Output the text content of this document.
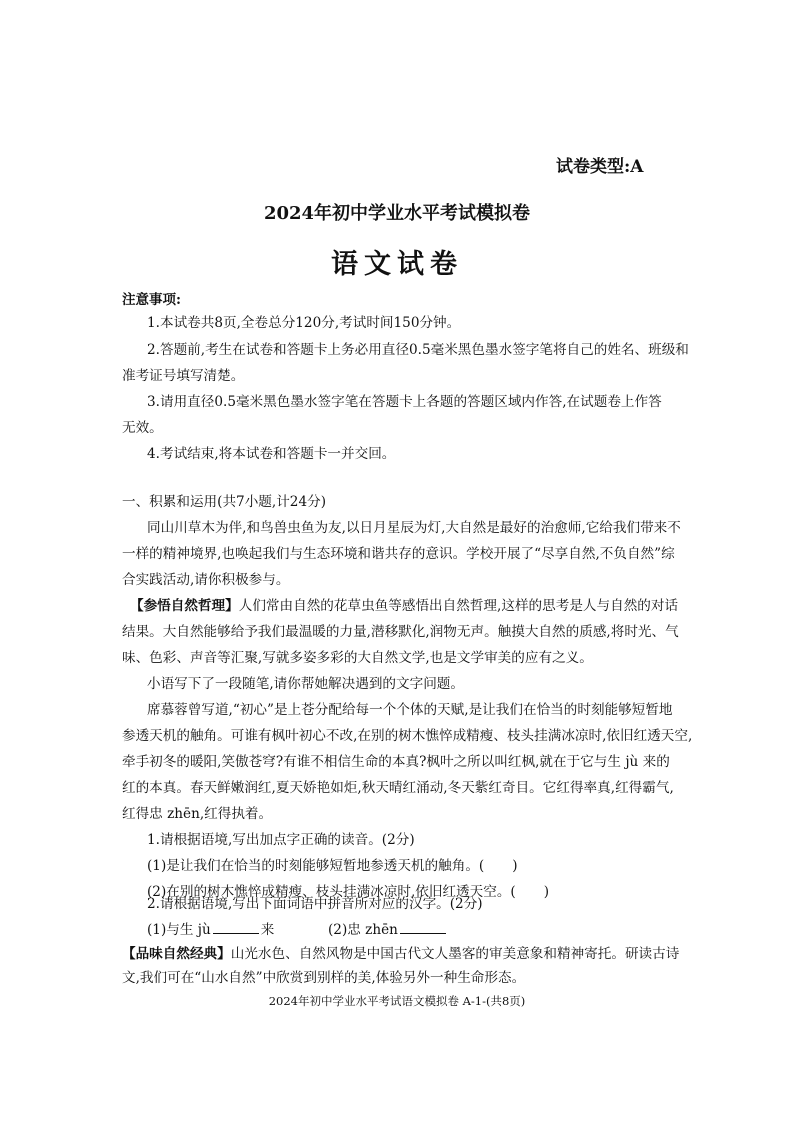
试卷类型:A
2024年初中学业水平考试模拟卷
语文试卷
注意事项:
1.本试卷共8页,全卷总分120分,考试时间150分钟。
2.答题前,考生在试卷和答题卡上务必用直径0.5毫米黑色墨水签字笔将自己的姓名、班级和
准考证号填写清楚。
3.请用直径0.5毫米黑色墨水签字笔在答题卡上各题的答题区域内作答,在试题卷上作答
无效。
4.考试结束,将本试卷和答题卡一并交回。
一、积累和运用(共7小题,计24分)
同山川草木为伴,和鸟兽虫鱼为友,以日月星辰为灯,大自然是最好的治愈师,它给我们带来不
一样的精神境界,也唤起我们与生态环境和谐共存的意识。学校开展了“尽享自然,不负自然”综
合实践活动,请你积极参与。
【参悟自然哲理】人们常由自然的花草虫鱼等感悟出自然哲理,这样的思考是人与自然的对话
结果。大自然能够给予我们最温暖的力量,潜移默化,润物无声。触摸大自然的质感,将时光、气
味、色彩、声音等汇聚,写就多姿多彩的大自然文学,也是文学审美的应有之义。
小语写下了一段随笔,请你帮她解决遇到的文字问题。
席慕蓉曾写道,“初心”是上苍分配给每一个个体的天赋,是让我们在恰当的时刻能够短暂地
参透天机的触角。可谁有枫叶初心不改,在别的树木憔悴成精瘦、枝头挂满冰凉时,依旧红透天空,
牵手初冬的暖阳,笑傲苍穹?有谁不相信生命的本真?枫叶之所以叫红枫,就在于它与生 jù 来的
红的本真。春天鲜嫩润红,夏天娇艳如炬,秋天晴红涌动,冬天紫红奇目。它红得率真,红得霸气,
红得忠 zhēn,红得执着。
1.请根据语境,写出加点字正确的读音。(2分)
(1)是让我们在恰当的时刻能够短暂地参透天机的触角。( )
(2)在别的树木憔悴成精瘦、枝头挂满冰凉时,依旧红透天空。( )
2.请根据语境,写出下面词语中拼音所对应的汉字。(2分)
(1)与生 jù	来	(2)忠 zhēn
【品味自然经典】山光水色、自然风物是中国古代文人墨客的审美意象和精神寄托。研读古诗
文,我们可在“山水自然”中欣赏到别样的美,体验另外一种生命形态。
2024年初中学业水平考试语文模拟卷 A-1-(共8页)
